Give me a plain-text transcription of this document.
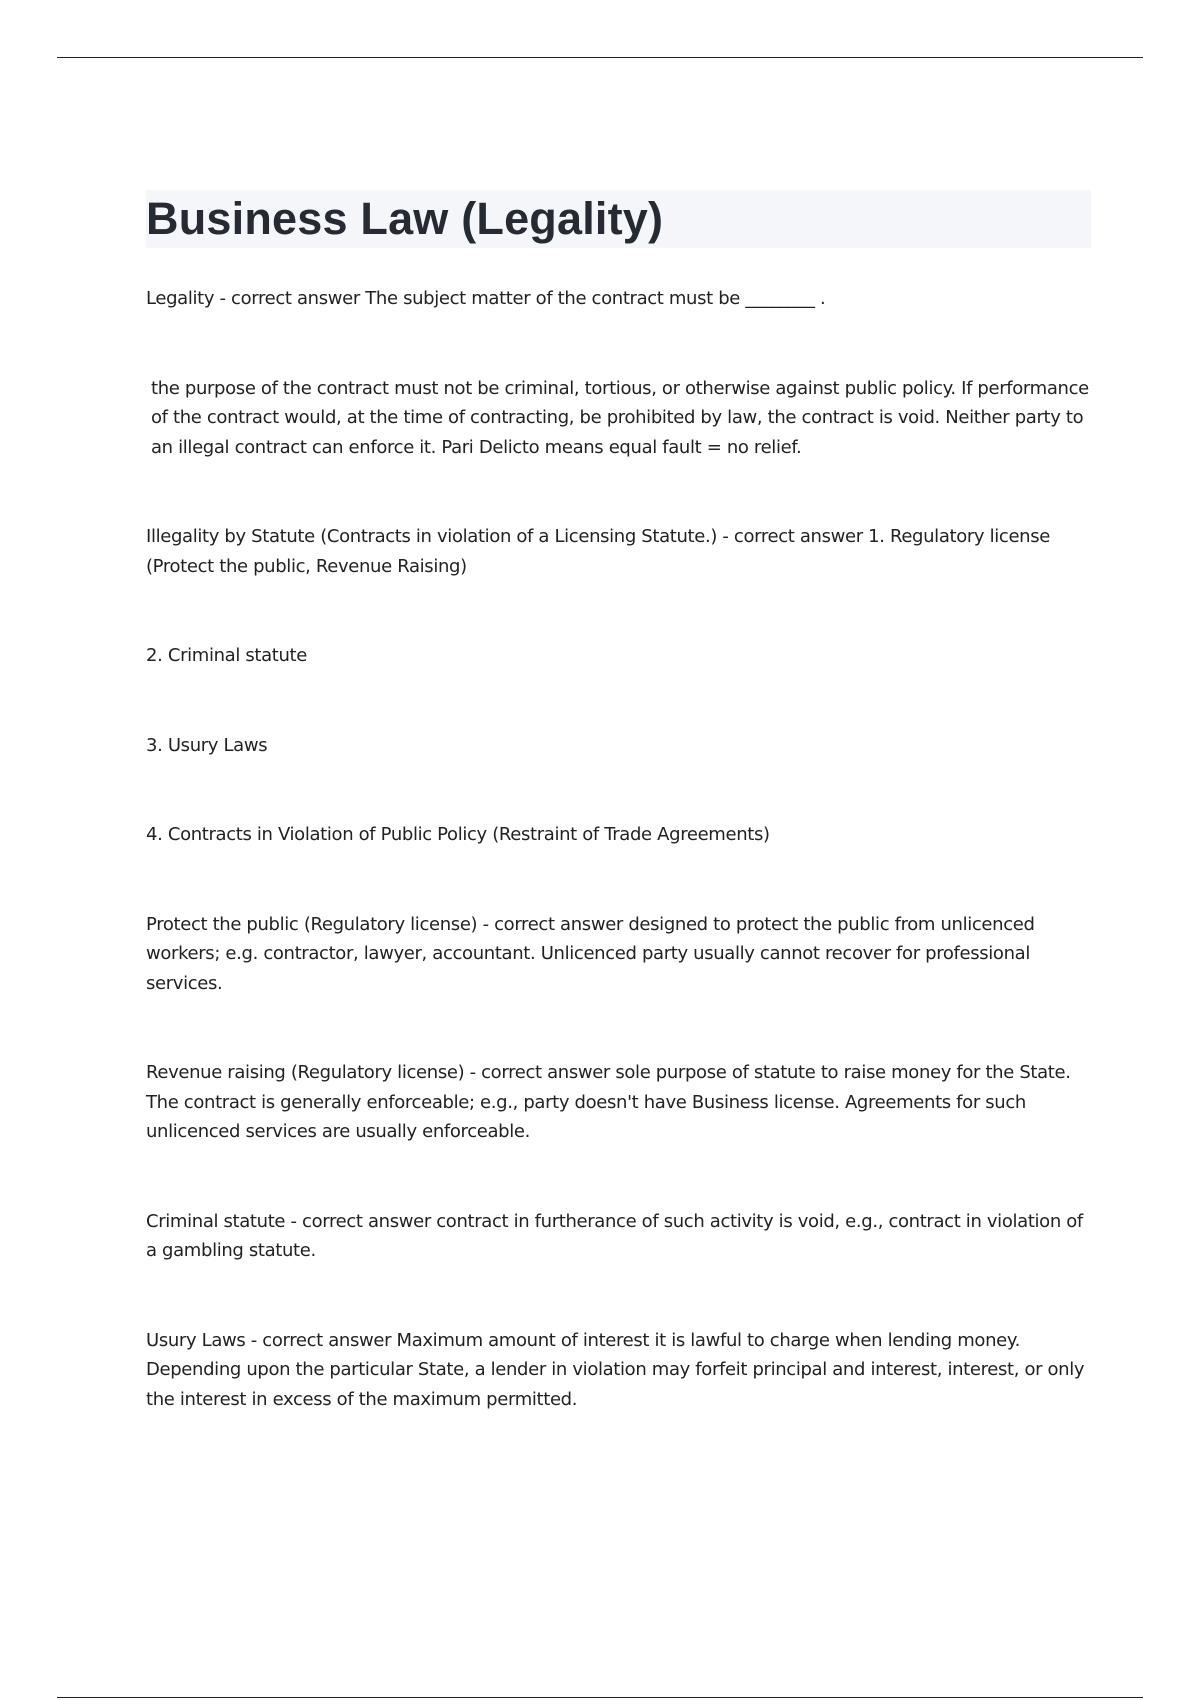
Business Law (Legality)

Legality - correct answer The subject matter of the contract must be ________ .

the purpose of the contract must not be criminal, tortious, or otherwise against public policy. If performance of the contract would, at the time of contracting, be prohibited by law, the contract is void. Neither party to an illegal contract can enforce it. Pari Delicto means equal fault = no relief.

Illegality by Statute (Contracts in violation of a Licensing Statute.) - correct answer 1. Regulatory license (Protect the public, Revenue Raising)

2. Criminal statute

3. Usury Laws

4. Contracts in Violation of Public Policy (Restraint of Trade Agreements)

Protect the public (Regulatory license) - correct answer designed to protect the public from unlicenced workers; e.g. contractor, lawyer, accountant. Unlicenced party usually cannot recover for professional services.

Revenue raising (Regulatory license) - correct answer sole purpose of statute to raise money for the State. The contract is generally enforceable; e.g., party doesn't have Business license. Agreements for such unlicenced services are usually enforceable.

Criminal statute - correct answer contract in furtherance of such activity is void, e.g., contract in violation of a gambling statute.

Usury Laws - correct answer Maximum amount of interest it is lawful to charge when lending money. Depending upon the particular State, a lender in violation may forfeit principal and interest, interest, or only the interest in excess of the maximum permitted.
